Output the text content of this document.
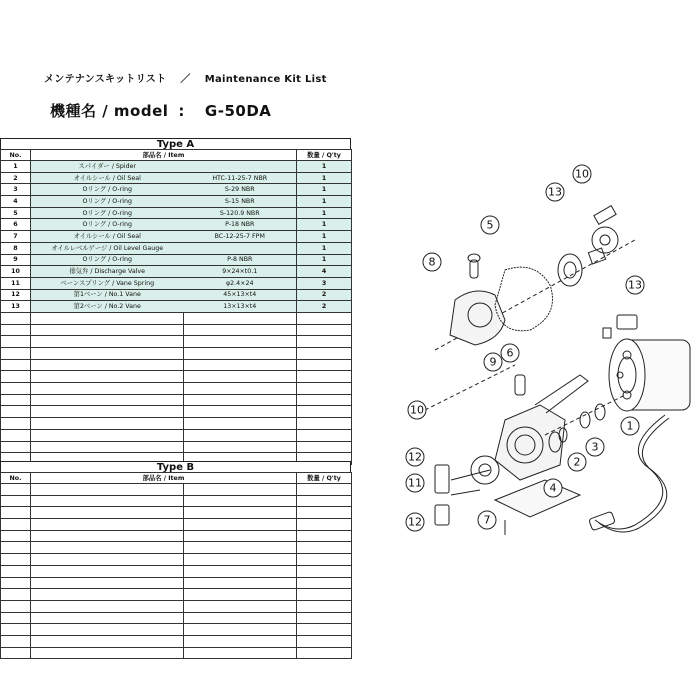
メンテナンスキットリスト ／ Maintenance Kit List
機種名 / model : G-50DA
Type A
No.	部品名 / Item		数量 / Q'ty
1	スパイダー / Spider		1
2	オイルシール / Oil Seal	HTC-11-25-7 NBR	1
3	Oリング / O-ring	S-29 NBR	1
4	Oリング / O-ring	S-15 NBR	1
5	Oリング / O-ring	S-120.9 NBR	1
6	Oリング / O-ring	P-18 NBR	1
7	オイルシール / Oil Seal	BC-12-25-7 FPM	1
8	オイルレベルゲージ / Oil Level Gauge		1
9	Oリング / O-ring	P-8 NBR	1
10	排気弁 / Discharge Valve	9×24×t0.1	4
11	ベーンスプリング / Vane Spring	φ2.4×24	3
12	第1ベーン / No.1 Vane	45×13×t4	2
13	第2ベーン / No.2 Vane	13×13×t4	2

Type B
No.	部品名 / Item		数量 / Q'ty

10
13
5
8
13
9
6
10
1
2
3
4
7
12
11
12
